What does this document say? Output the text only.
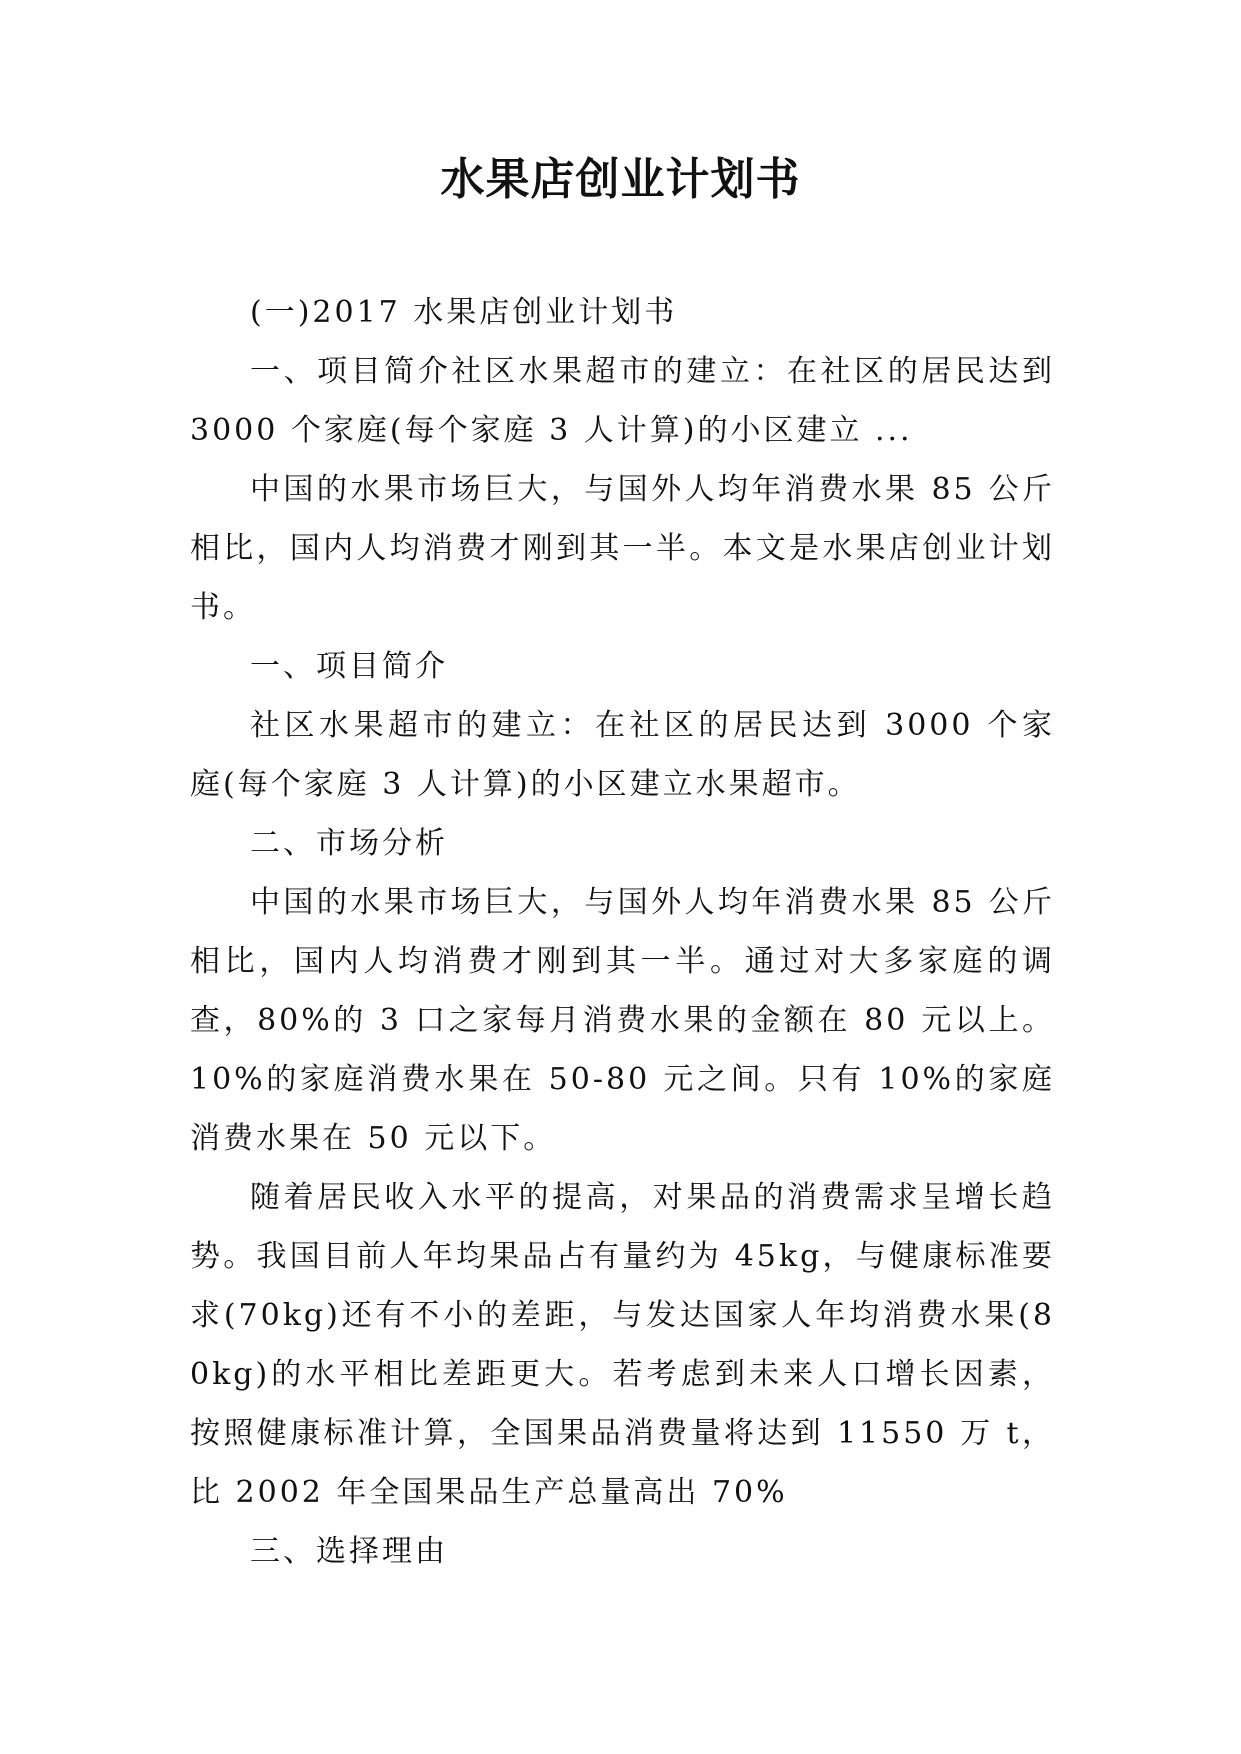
水果店创业计划书

(一)2017 水果店创业计划书

一、项目简介社区水果超市的建立：在社区的居民达到 3000 个家庭(每个家庭 3 人计算)的小区建立 ...

中国的水果市场巨大，与国外人均年消费水果 85 公斤相比，国内人均消费才刚到其一半。本文是水果店创业计划书。

一、项目简介

社区水果超市的建立：在社区的居民达到 3000 个家庭(每个家庭 3 人计算)的小区建立水果超市。

二、市场分析

中国的水果市场巨大，与国外人均年消费水果 85 公斤相比，国内人均消费才刚到其一半。通过对大多家庭的调查，80%的 3 口之家每月消费水果的金额在 80 元以上。10%的家庭消费水果在 50-80 元之间。只有 10%的家庭消费水果在 50 元以下。

随着居民收入水平的提高，对果品的消费需求呈增长趋势。我国目前人年均果品占有量约为 45kg，与健康标准要求(70kg)还有不小的差距，与发达国家人年均消费水果(80kg)的水平相比差距更大。若考虑到未来人口增长因素，按照健康标准计算，全国果品消费量将达到 11550 万 t，比 2002 年全国果品生产总量高出 70%

三、选择理由
